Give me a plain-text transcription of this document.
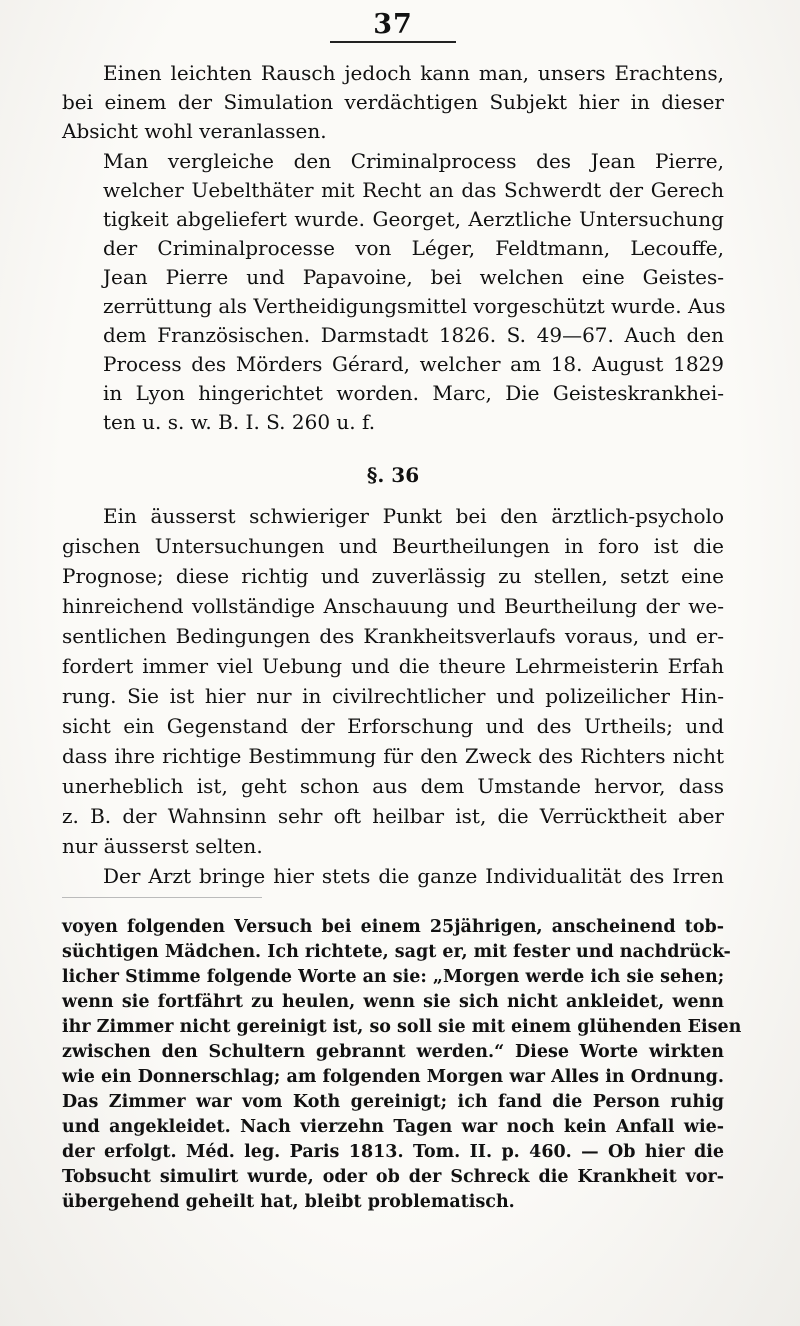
37
Einen leichten Rausch jedoch kann man, unsers Erachtens,
bei einem der Simulation verdächtigen Subjekt hier in dieser
Absicht wohl veranlassen.
Man vergleiche den Criminalprocess des Jean Pierre,
welcher Uebelthäter mit Recht an das Schwerdt der Gerech
tigkeit abgeliefert wurde. Georget, Aerztliche Untersuchung
der Criminalprocesse von Léger, Feldtmann, Lecouffe,
Jean Pierre und Papavoine, bei welchen eine Geistes-
zerrüttung als Vertheidigungsmittel vorgeschützt wurde. Aus
dem Französischen. Darmstadt 1826. S. 49—67. Auch den
Process des Mörders Gérard, welcher am 18. August 1829
in Lyon hingerichtet worden. Marc, Die Geisteskrankhei-
ten u. s. w. B. I. S. 260 u. f.
§. 36
Ein äusserst schwieriger Punkt bei den ärztlich-psycholo
gischen Untersuchungen und Beurtheilungen in foro ist die
Prognose; diese richtig und zuverlässig zu stellen, setzt eine
hinreichend vollständige Anschauung und Beurtheilung der we-
sentlichen Bedingungen des Krankheitsverlaufs voraus, und er-
fordert immer viel Uebung und die theure Lehrmeisterin Erfah
rung. Sie ist hier nur in civilrechtlicher und polizeilicher Hin-
sicht ein Gegenstand der Erforschung und des Urtheils; und
dass ihre richtige Bestimmung für den Zweck des Richters nicht
unerheblich ist, geht schon aus dem Umstande hervor, dass
z. B. der Wahnsinn sehr oft heilbar ist, die Verrücktheit aber
nur äusserst selten.
Der Arzt bringe hier stets die ganze Individualität des Irren
voyen folgenden Versuch bei einem 25jährigen, anscheinend tob-
süchtigen Mädchen. Ich richtete, sagt er, mit fester und nachdrück-
licher Stimme folgende Worte an sie: „Morgen werde ich sie sehen;
wenn sie fortfährt zu heulen, wenn sie sich nicht ankleidet, wenn
ihr Zimmer nicht gereinigt ist, so soll sie mit einem glühenden Eisen
zwischen den Schultern gebrannt werden.“ Diese Worte wirkten
wie ein Donnerschlag; am folgenden Morgen war Alles in Ordnung.
Das Zimmer war vom Koth gereinigt; ich fand die Person ruhig
und angekleidet. Nach vierzehn Tagen war noch kein Anfall wie-
der erfolgt. Méd. leg. Paris 1813. Tom. II. p. 460. — Ob hier die
Tobsucht simulirt wurde, oder ob der Schreck die Krankheit vor-
übergehend geheilt hat, bleibt problematisch.
